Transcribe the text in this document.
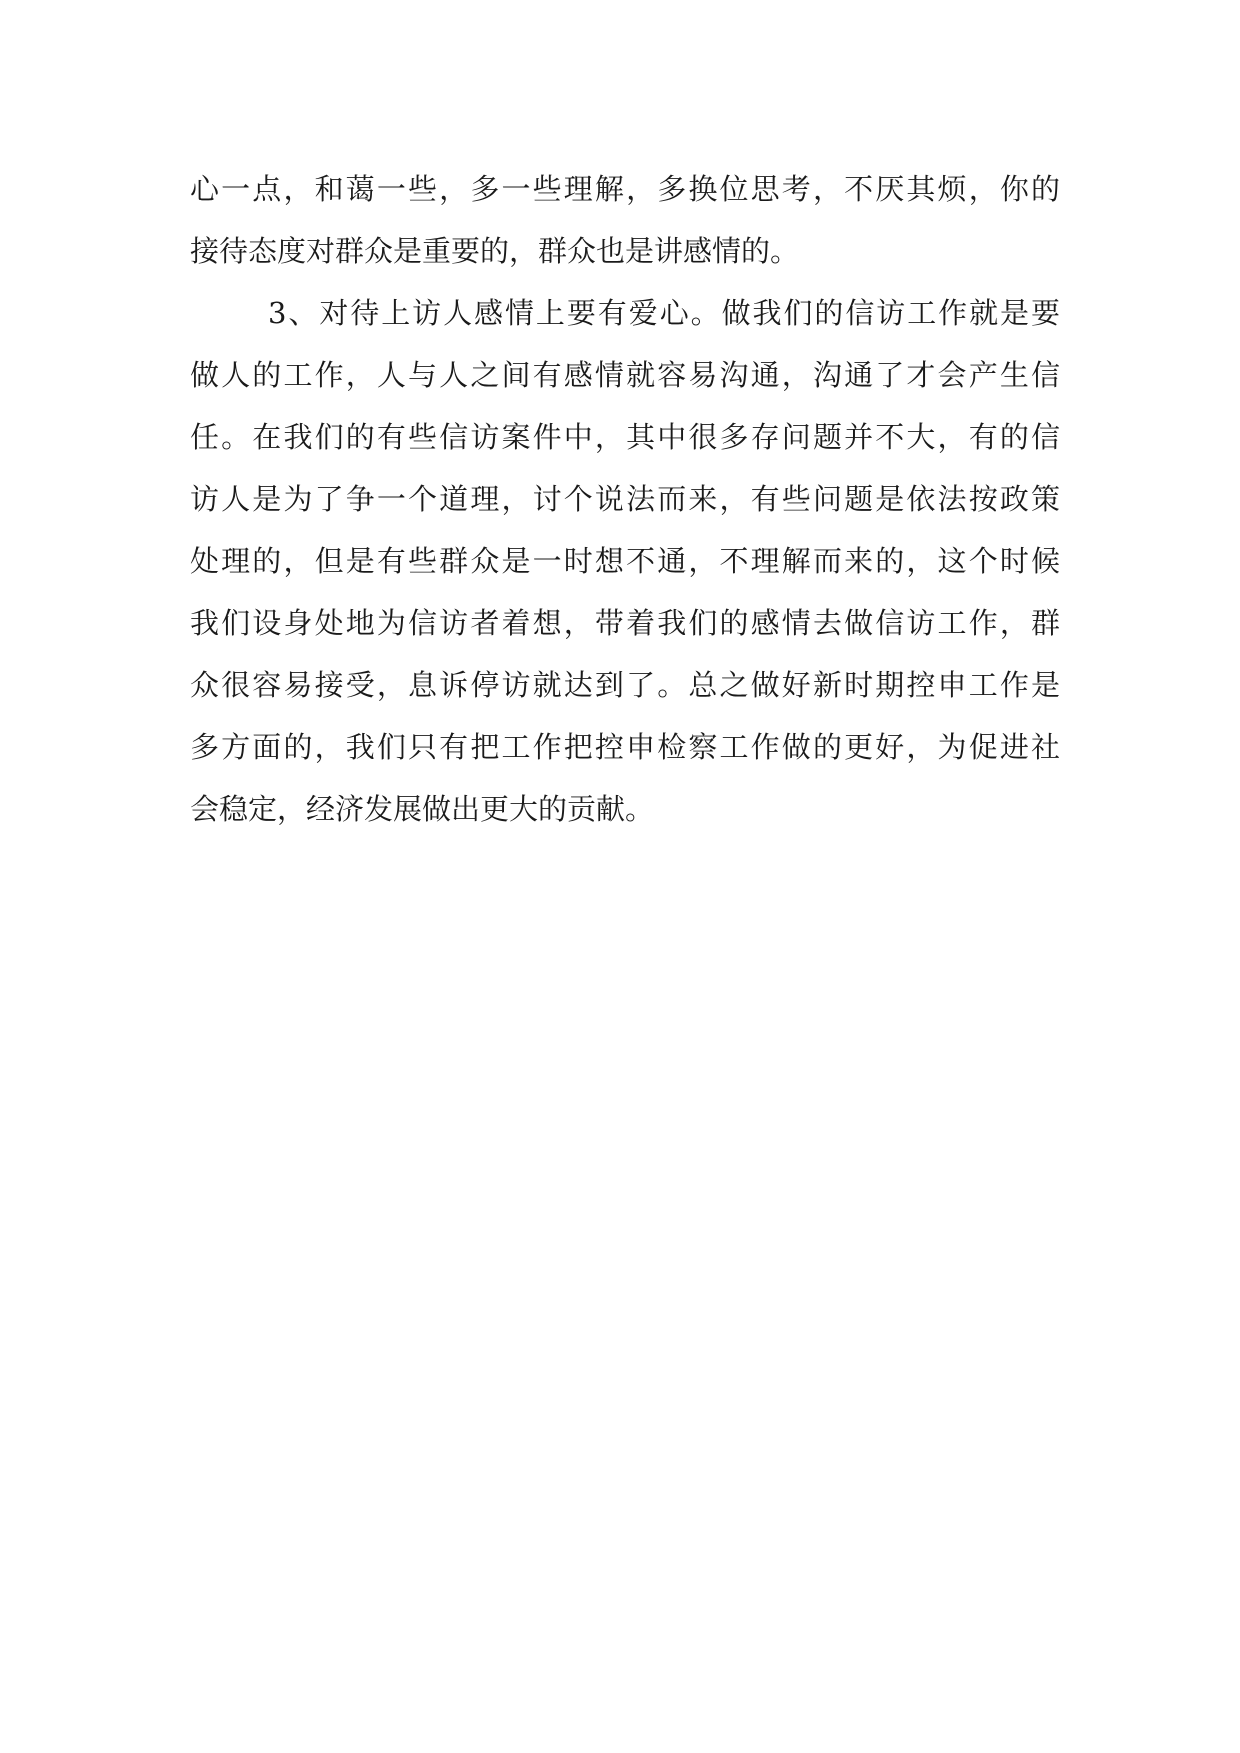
心一点，和蔼一些，多一些理解，多换位思考，不厌其烦，你的
接待态度对群众是重要的，群众也是讲感情的。
3、对待上访人感情上要有爱心。做我们的信访工作就是要
做人的工作，人与人之间有感情就容易沟通，沟通了才会产生信
任。在我们的有些信访案件中，其中很多存问题并不大，有的信
访人是为了争一个道理，讨个说法而来，有些问题是依法按政策
处理的，但是有些群众是一时想不通，不理解而来的，这个时候
我们设身处地为信访者着想，带着我们的感情去做信访工作，群
众很容易接受，息诉停访就达到了。总之做好新时期控申工作是
多方面的，我们只有把工作把控申检察工作做的更好，为促进社
会稳定，经济发展做出更大的贡献。
